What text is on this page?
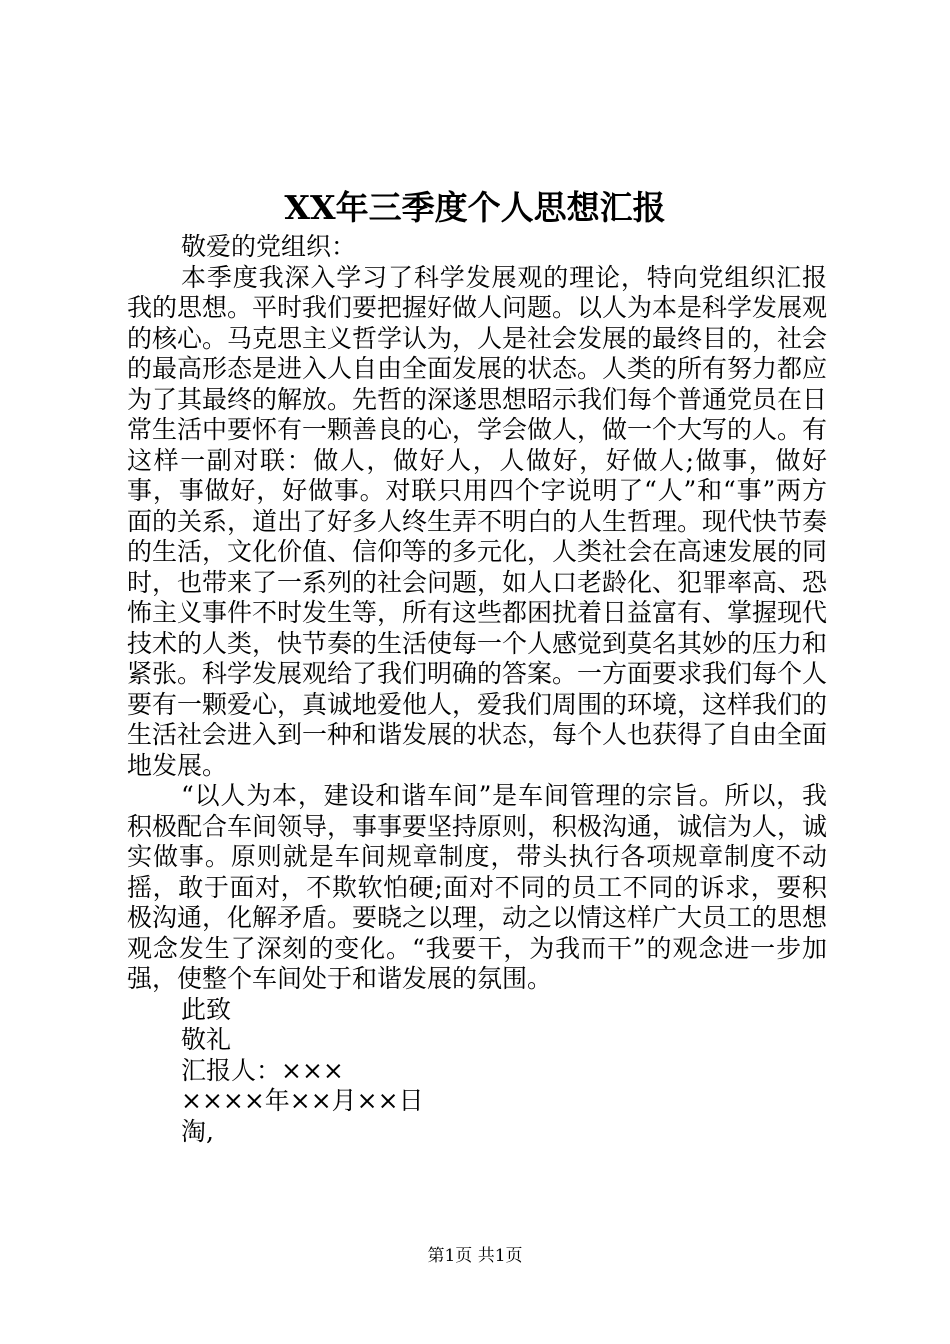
XX年三季度个人思想汇报

敬爱的党组织：

本季度我深入学习了科学发展观的理论，特向党组织汇报我的思想。平时我们要把握好做人问题。以人为本是科学发展观的核心。马克思主义哲学认为，人是社会发展的最终目的，社会的最高形态是进入人自由全面发展的状态。人类的所有努力都应为了其最终的解放。先哲的深遂思想昭示我们每个普通党员在日常生活中要怀有一颗善良的心，学会做人，做一个大写的人。有这样一副对联：做人，做好人，人做好，好做人;做事，做好事，事做好，好做事。对联只用四个字说明了“人”和“事”两方面的关系，道出了好多人终生弄不明白的人生哲理。现代快节奏的生活，文化价值、信仰等的多元化，人类社会在高速发展的同时，也带来了一系列的社会问题，如人口老龄化、犯罪率高、恐怖主义事件不时发生等，所有这些都困扰着日益富有、掌握现代技术的人类，快节奏的生活使每一个人感觉到莫名其妙的压力和紧张。科学发展观给了我们明确的答案。一方面要求我们每个人要有一颗爱心，真诚地爱他人，爱我们周围的环境，这样我们的生活社会进入到一种和谐发展的状态，每个人也获得了自由全面地发展。

“以人为本，建设和谐车间”是车间管理的宗旨。所以，我积极配合车间领导，事事要坚持原则，积极沟通，诚信为人，诚实做事。原则就是车间规章制度，带头执行各项规章制度不动摇，敢于面对，不欺软怕硬;面对不同的员工不同的诉求，要积极沟通，化解矛盾。要晓之以理，动之以情这样广大员工的思想观念发生了深刻的变化。“我要干，为我而干”的观念进一步加强，使整个车间处于和谐发展的氛围。

此致

敬礼

汇报人：×××

××××年××月××日

淘,

第1页 共1页
